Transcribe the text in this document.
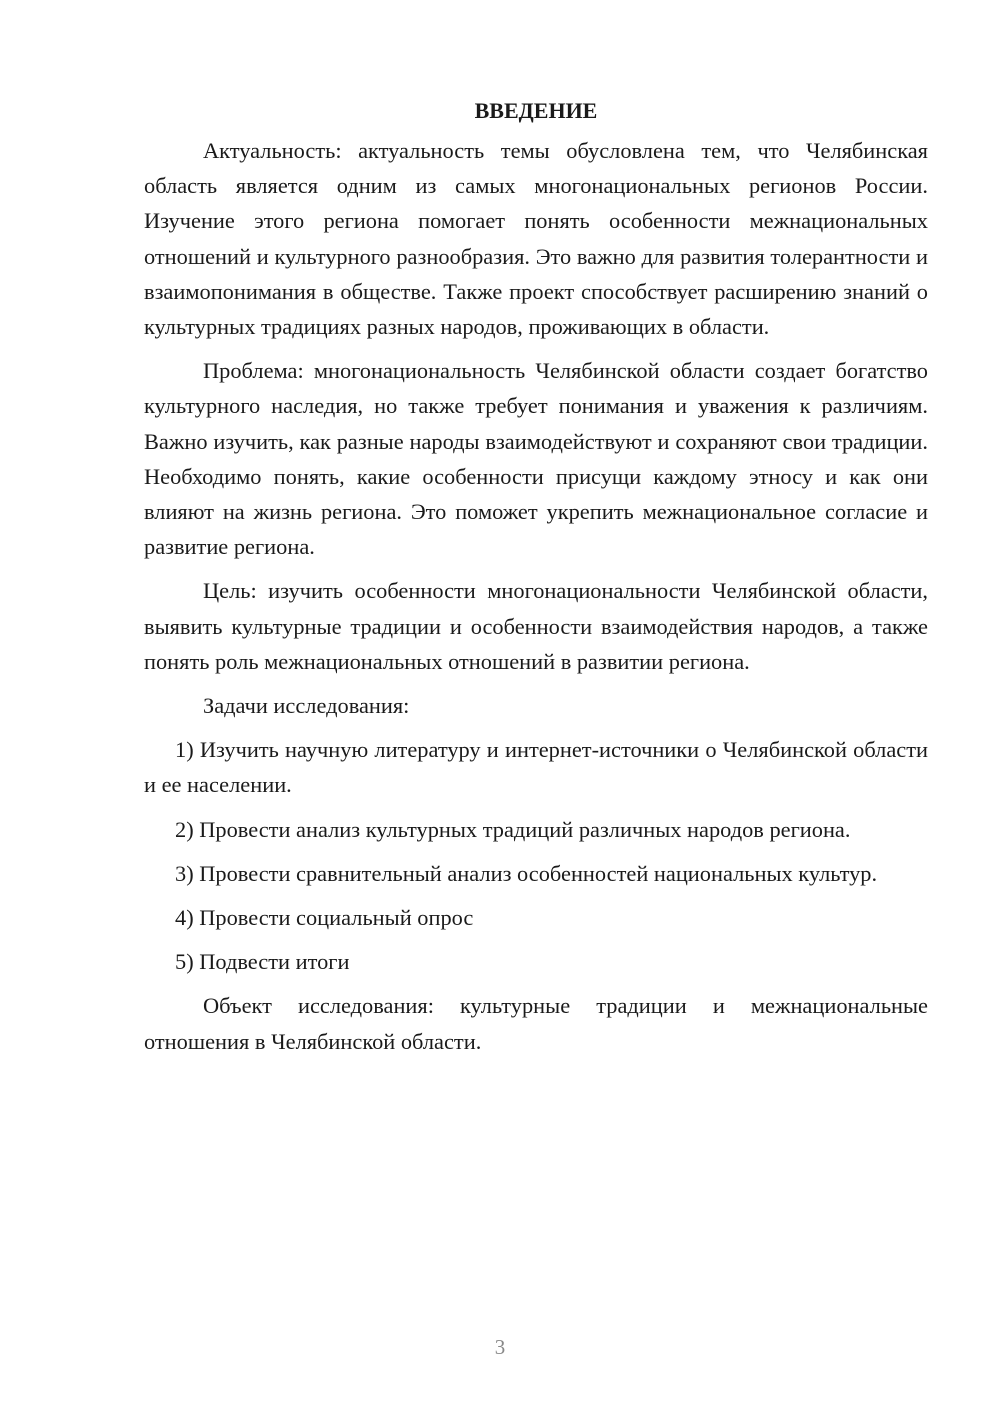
ВВЕДЕНИЕ

Актуальность: актуальность темы обусловлена тем, что Челябинская область является одним из самых многонациональных регионов России. Изучение этого региона помогает понять особенности межнациональных отношений и культурного разнообразия. Это важно для развития толерантности и взаимопонимания в обществе. Также проект способствует расширению знаний о культурных традициях разных народов, проживающих в области.

Проблема: многонациональность Челябинской области создает богатство культурного наследия, но также требует понимания и уважения к различиям. Важно изучить, как разные народы взаимодействуют и сохраняют свои традиции. Необходимо понять, какие особенности присущи каждому этносу и как они влияют на жизнь региона. Это поможет укрепить межнациональное согласие и развитие региона.

Цель: изучить особенности многонациональности Челябинской области, выявить культурные традиции и особенности взаимодействия народов, а также понять роль межнациональных отношений в развитии региона.

Задачи исследования:

1) Изучить научную литературу и интернет-источники о Челябинской области и ее населении.

2) Провести анализ культурных традиций различных народов региона.

3) Провести сравнительный анализ особенностей национальных культур.

4) Провести социальный опрос

5) Подвести итоги

Объект исследования: культурные традиции и межнациональные отношения в Челябинской области.

3
